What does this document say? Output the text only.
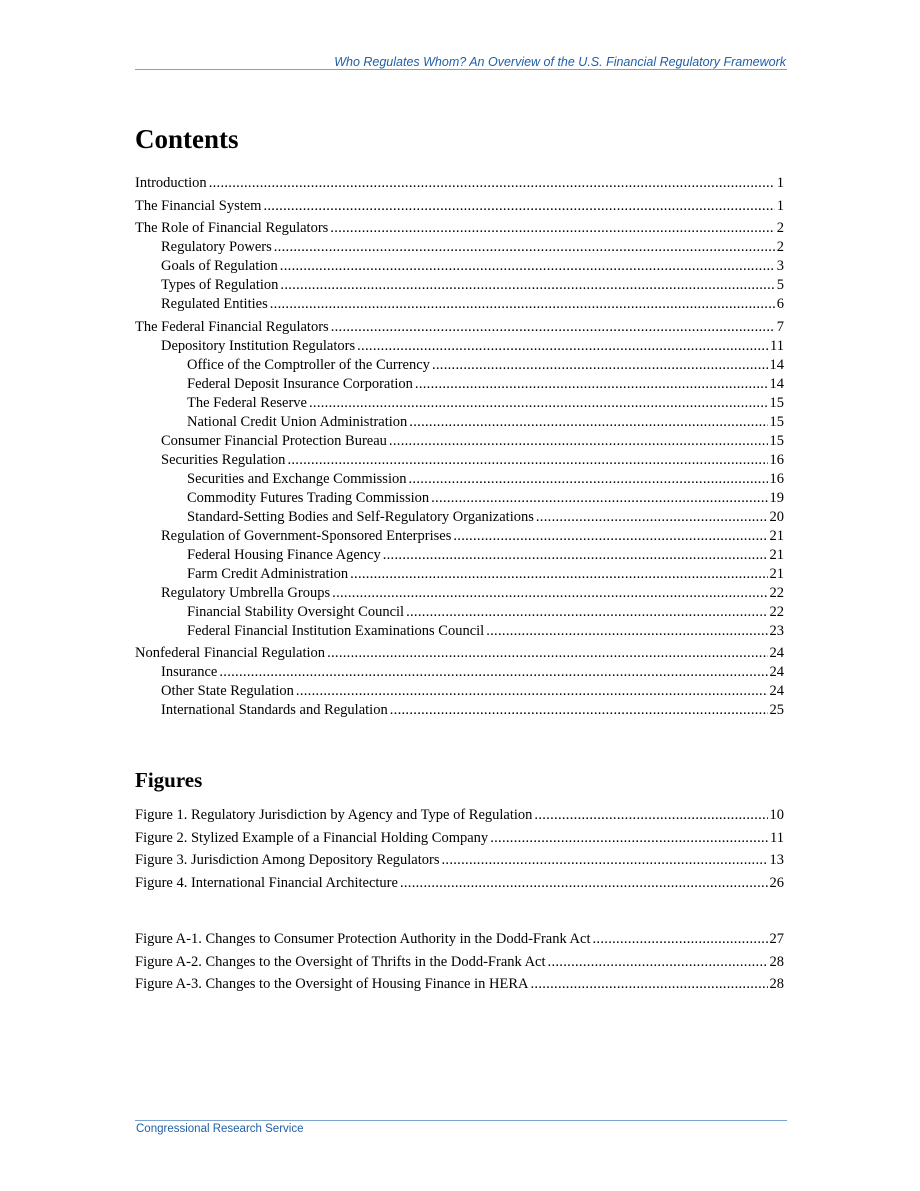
Who Regulates Whom? An Overview of the U.S. Financial Regulatory Framework
Contents
Introduction .....	1
The Financial System .....	1
The Role of Financial Regulators .....	2
Regulatory Powers .....	2
Goals of Regulation .....	3
Types of Regulation .....	5
Regulated Entities .....	6
The Federal Financial Regulators .....	7
Depository Institution Regulators .....	11
Office of the Comptroller of the Currency .....	14
Federal Deposit Insurance Corporation .....	14
The Federal Reserve .....	15
National Credit Union Administration .....	15
Consumer Financial Protection Bureau .....	15
Securities Regulation .....	16
Securities and Exchange Commission .....	16
Commodity Futures Trading Commission .....	19
Standard-Setting Bodies and Self-Regulatory Organizations .....	20
Regulation of Government-Sponsored Enterprises .....	21
Federal Housing Finance Agency .....	21
Farm Credit Administration .....	21
Regulatory Umbrella Groups .....	22
Financial Stability Oversight Council .....	22
Federal Financial Institution Examinations Council .....	23
Nonfederal Financial Regulation .....	24
Insurance .....	24
Other State Regulation .....	24
International Standards and Regulation .....	25
Figures
Figure 1. Regulatory Jurisdiction by Agency and Type of Regulation .....	10
Figure 2. Stylized Example of a Financial Holding Company .....	11
Figure 3. Jurisdiction Among Depository Regulators .....	13
Figure 4. International Financial Architecture .....	26
Figure A-1. Changes to Consumer Protection Authority in the Dodd-Frank Act .....	27
Figure A-2. Changes to the Oversight of Thrifts in the Dodd-Frank Act .....	28
Figure A-3. Changes to the Oversight of Housing Finance in HERA .....	28
Congressional Research Service
